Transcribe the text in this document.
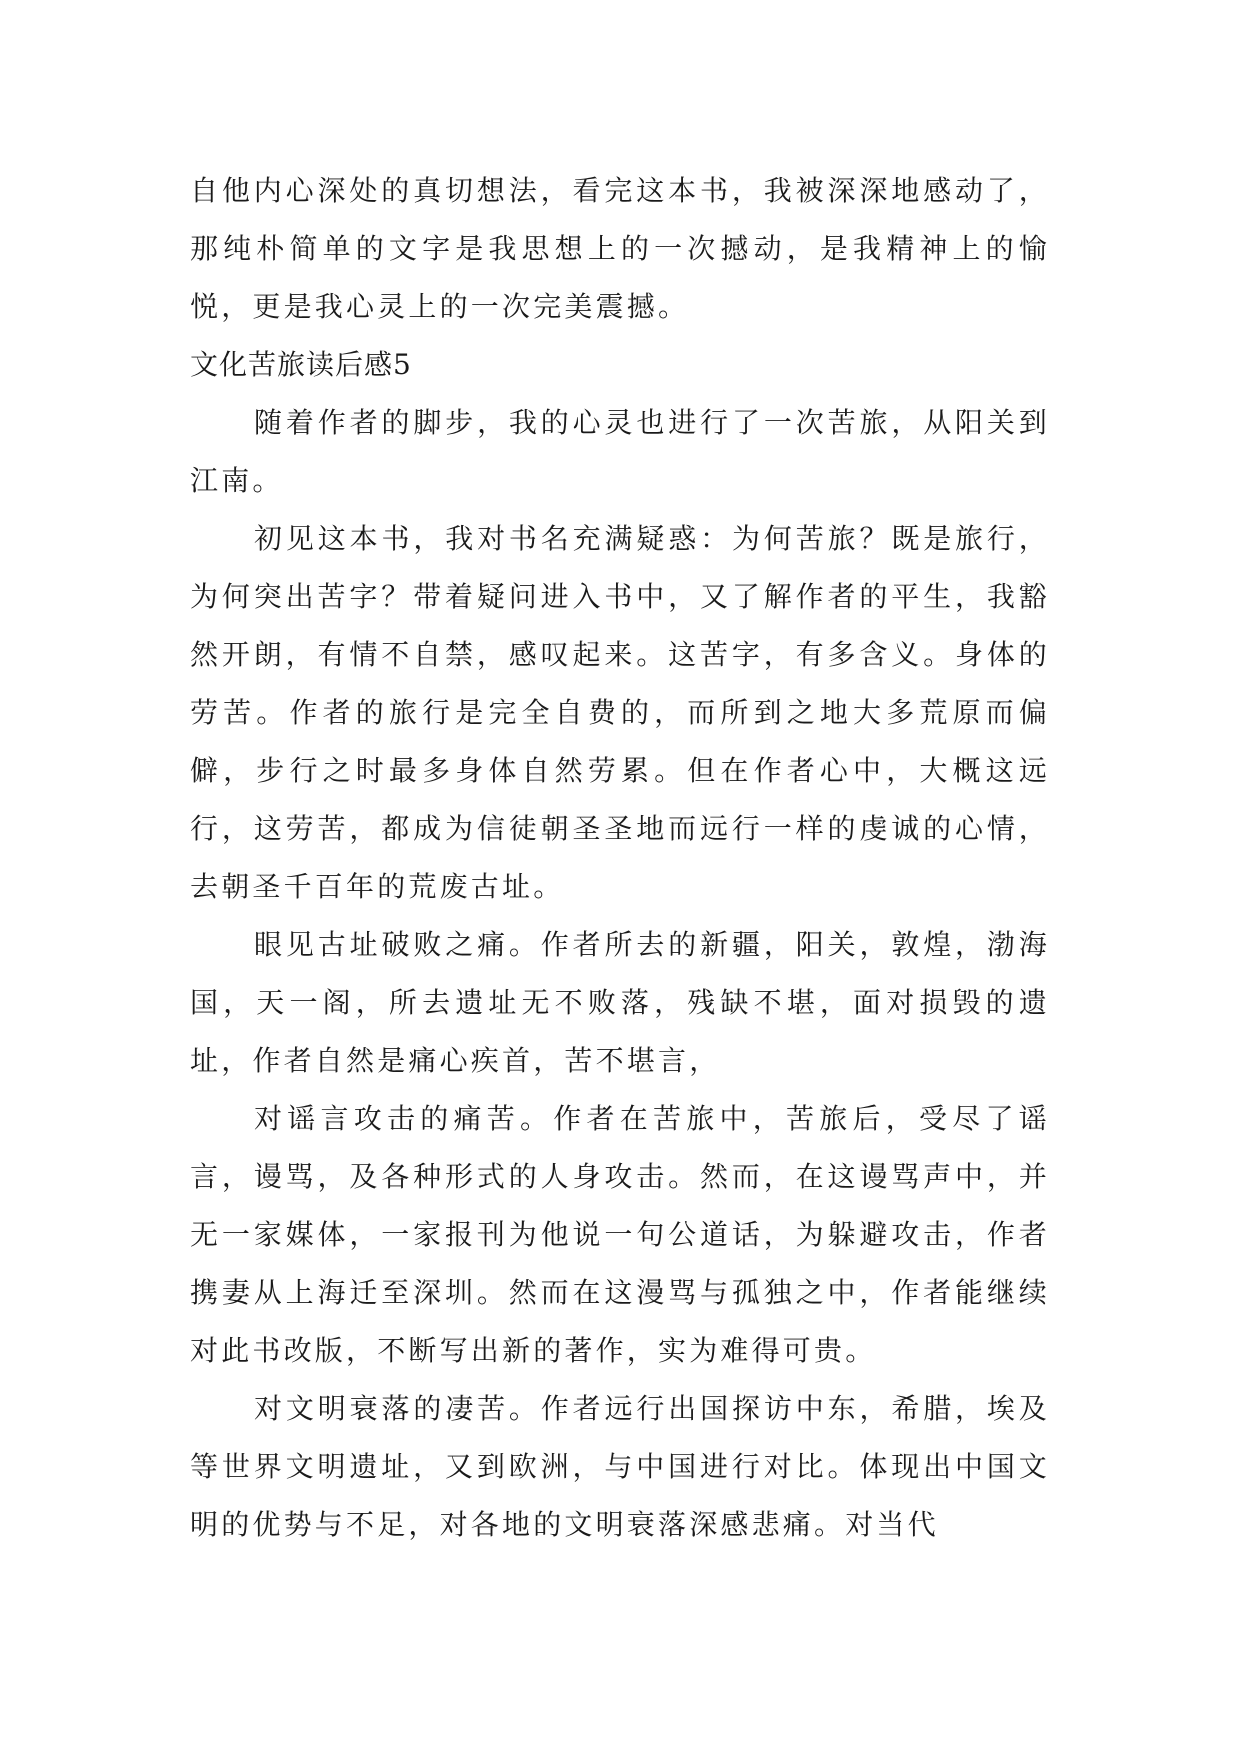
自他内心深处的真切想法，看完这本书，我被深深地感动了，那纯朴简单的文字是我思想上的一次撼动，是我精神上的愉悦，更是我心灵上的一次完美震撼。

文化苦旅读后感5

随着作者的脚步，我的心灵也进行了一次苦旅，从阳关到江南。

初见这本书，我对书名充满疑惑：为何苦旅？既是旅行，为何突出苦字？带着疑问进入书中，又了解作者的平生，我豁然开朗，有情不自禁，感叹起来。这苦字，有多含义。身体的劳苦。作者的旅行是完全自费的，而所到之地大多荒原而偏僻，步行之时最多身体自然劳累。但在作者心中，大概这远行，这劳苦，都成为信徒朝圣圣地而远行一样的虔诚的心情，去朝圣千百年的荒废古址。

眼见古址破败之痛。作者所去的新疆，阳关，敦煌，渤海国，天一阁，所去遗址无不败落，残缺不堪，面对损毁的遗址，作者自然是痛心疾首，苦不堪言，

对谣言攻击的痛苦。作者在苦旅中，苦旅后，受尽了谣言，谩骂，及各种形式的人身攻击。然而，在这谩骂声中，并无一家媒体，一家报刊为他说一句公道话，为躲避攻击，作者携妻从上海迁至深圳。然而在这漫骂与孤独之中，作者能继续对此书改版，不断写出新的著作，实为难得可贵。

对文明衰落的凄苦。作者远行出国探访中东，希腊，埃及等世界文明遗址，又到欧洲，与中国进行对比。体现出中国文明的优势与不足，对各地的文明衰落深感悲痛。对当代
